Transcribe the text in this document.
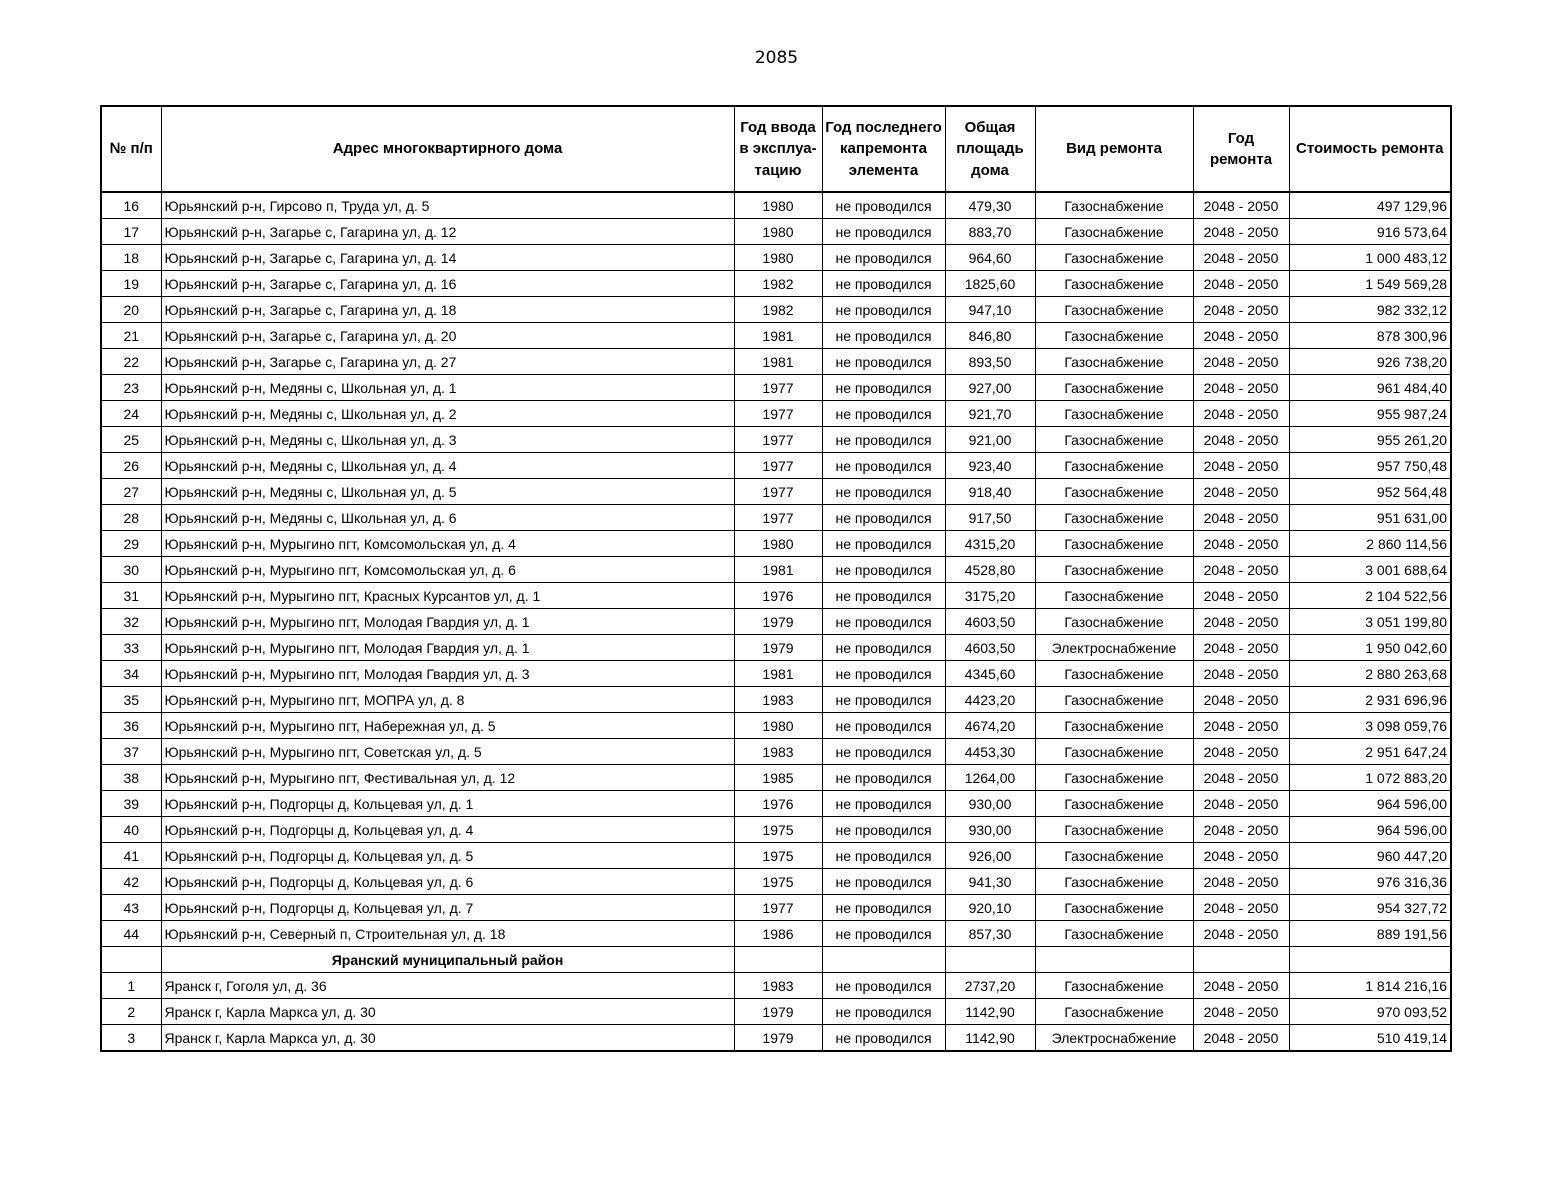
2085
№ п/п	Адрес многоквартирного дома	Год ввода в эксплуа-тацию	Год последнего капремонта элемента	Общая площадь дома	Вид ремонта	Год ремонта	Стоимость ремонта
16	Юрьянский р-н, Гирсово п, Труда ул, д. 5	1980	не проводился	479,30	Газоснабжение	2048 - 2050	497 129,96
17	Юрьянский р-н, Загарье с, Гагарина ул, д. 12	1980	не проводился	883,70	Газоснабжение	2048 - 2050	916 573,64
18	Юрьянский р-н, Загарье с, Гагарина ул, д. 14	1980	не проводился	964,60	Газоснабжение	2048 - 2050	1 000 483,12
19	Юрьянский р-н, Загарье с, Гагарина ул, д. 16	1982	не проводился	1825,60	Газоснабжение	2048 - 2050	1 549 569,28
20	Юрьянский р-н, Загарье с, Гагарина ул, д. 18	1982	не проводился	947,10	Газоснабжение	2048 - 2050	982 332,12
21	Юрьянский р-н, Загарье с, Гагарина ул, д. 20	1981	не проводился	846,80	Газоснабжение	2048 - 2050	878 300,96
22	Юрьянский р-н, Загарье с, Гагарина ул, д. 27	1981	не проводился	893,50	Газоснабжение	2048 - 2050	926 738,20
23	Юрьянский р-н, Медяны с, Школьная ул, д. 1	1977	не проводился	927,00	Газоснабжение	2048 - 2050	961 484,40
24	Юрьянский р-н, Медяны с, Школьная ул, д. 2	1977	не проводился	921,70	Газоснабжение	2048 - 2050	955 987,24
25	Юрьянский р-н, Медяны с, Школьная ул, д. 3	1977	не проводился	921,00	Газоснабжение	2048 - 2050	955 261,20
26	Юрьянский р-н, Медяны с, Школьная ул, д. 4	1977	не проводился	923,40	Газоснабжение	2048 - 2050	957 750,48
27	Юрьянский р-н, Медяны с, Школьная ул, д. 5	1977	не проводился	918,40	Газоснабжение	2048 - 2050	952 564,48
28	Юрьянский р-н, Медяны с, Школьная ул, д. 6	1977	не проводился	917,50	Газоснабжение	2048 - 2050	951 631,00
29	Юрьянский р-н, Мурыгино пгт, Комсомольская ул, д. 4	1980	не проводился	4315,20	Газоснабжение	2048 - 2050	2 860 114,56
30	Юрьянский р-н, Мурыгино пгт, Комсомольская ул, д. 6	1981	не проводился	4528,80	Газоснабжение	2048 - 2050	3 001 688,64
31	Юрьянский р-н, Мурыгино пгт, Красных Курсантов ул, д. 1	1976	не проводился	3175,20	Газоснабжение	2048 - 2050	2 104 522,56
32	Юрьянский р-н, Мурыгино пгт, Молодая Гвардия ул, д. 1	1979	не проводился	4603,50	Газоснабжение	2048 - 2050	3 051 199,80
33	Юрьянский р-н, Мурыгино пгт, Молодая Гвардия ул, д. 1	1979	не проводился	4603,50	Электроснабжение	2048 - 2050	1 950 042,60
34	Юрьянский р-н, Мурыгино пгт, Молодая Гвардия ул, д. 3	1981	не проводился	4345,60	Газоснабжение	2048 - 2050	2 880 263,68
35	Юрьянский р-н, Мурыгино пгт, МОПРА ул, д. 8	1983	не проводился	4423,20	Газоснабжение	2048 - 2050	2 931 696,96
36	Юрьянский р-н, Мурыгино пгт, Набережная ул, д. 5	1980	не проводился	4674,20	Газоснабжение	2048 - 2050	3 098 059,76
37	Юрьянский р-н, Мурыгино пгт, Советская ул, д. 5	1983	не проводился	4453,30	Газоснабжение	2048 - 2050	2 951 647,24
38	Юрьянский р-н, Мурыгино пгт, Фестивальная ул, д. 12	1985	не проводился	1264,00	Газоснабжение	2048 - 2050	1 072 883,20
39	Юрьянский р-н, Подгорцы д, Кольцевая ул, д. 1	1976	не проводился	930,00	Газоснабжение	2048 - 2050	964 596,00
40	Юрьянский р-н, Подгорцы д, Кольцевая ул, д. 4	1975	не проводился	930,00	Газоснабжение	2048 - 2050	964 596,00
41	Юрьянский р-н, Подгорцы д, Кольцевая ул, д. 5	1975	не проводился	926,00	Газоснабжение	2048 - 2050	960 447,20
42	Юрьянский р-н, Подгорцы д, Кольцевая ул, д. 6	1975	не проводился	941,30	Газоснабжение	2048 - 2050	976 316,36
43	Юрьянский р-н, Подгорцы д, Кольцевая ул, д. 7	1977	не проводился	920,10	Газоснабжение	2048 - 2050	954 327,72
44	Юрьянский р-н, Северный п, Строительная ул, д. 18	1986	не проводился	857,30	Газоснабжение	2048 - 2050	889 191,56
	Яранский муниципальный район						
1	Яранск г, Гоголя ул, д. 36	1983	не проводился	2737,20	Газоснабжение	2048 - 2050	1 814 216,16
2	Яранск г, Карла Маркса ул, д. 30	1979	не проводился	1142,90	Газоснабжение	2048 - 2050	970 093,52
3	Яранск г, Карла Маркса ул, д. 30	1979	не проводился	1142,90	Электроснабжение	2048 - 2050	510 419,14
